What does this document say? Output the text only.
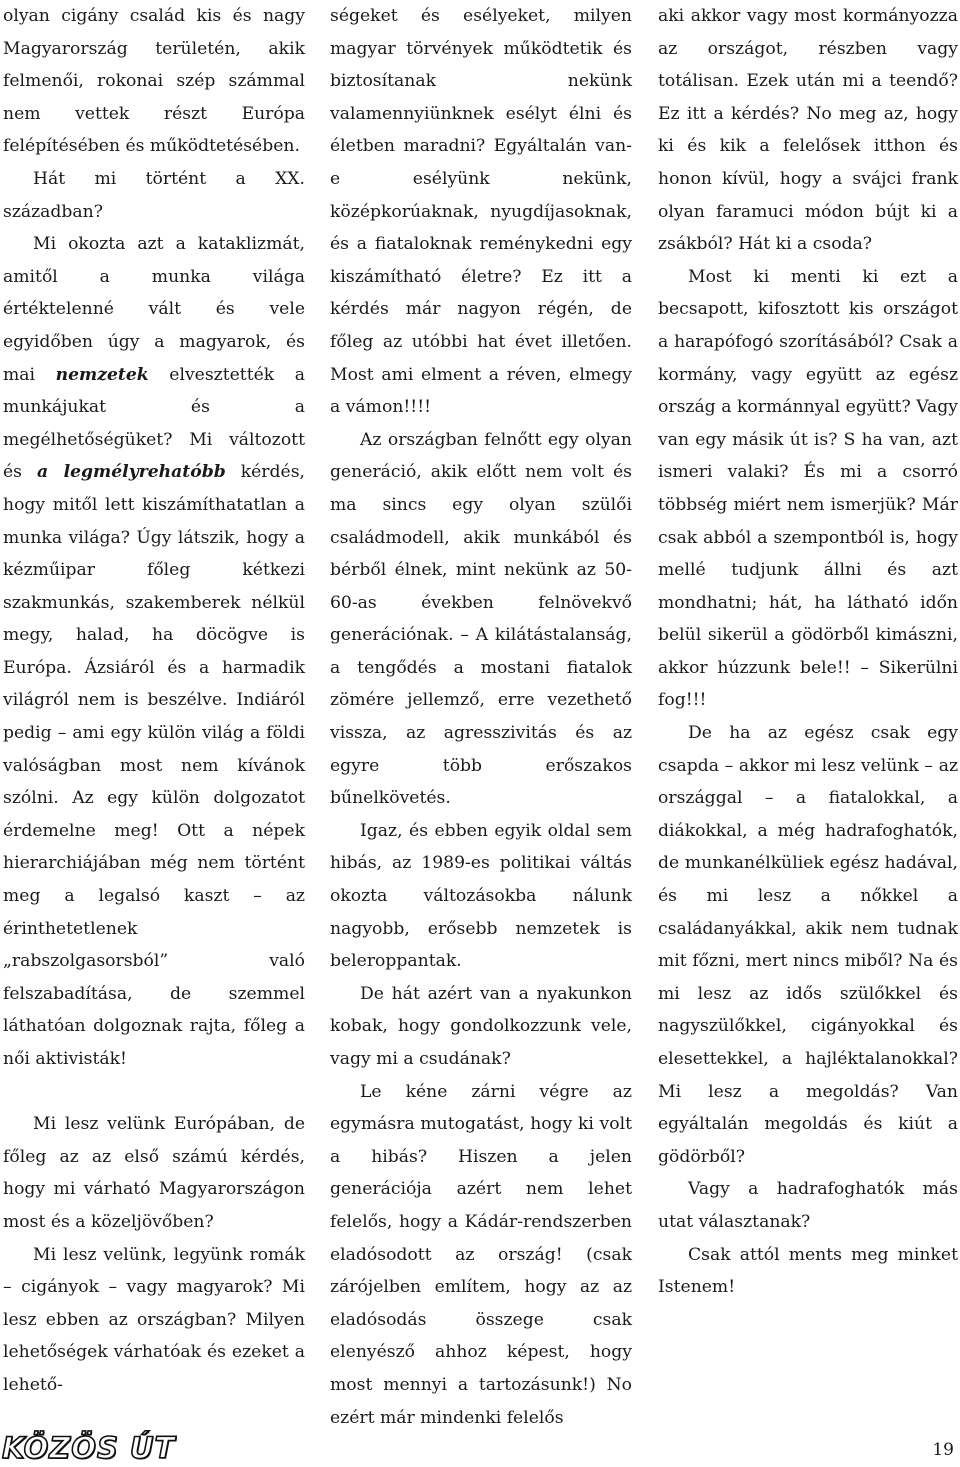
olyan cigány család kis és nagy Magyarország területén, akik felmenői, rokonai szép számmal nem vettek részt Európa felépítésében és működtetésében.

Hát mi történt a XX. században?

Mi okozta azt a kataklizmát, amitől a munka világa értéktelenné vált és vele egyidőben úgy a magyarok, és mai nemzetek elvesztették a munkájukat és a megélhetőségüket? Mi változott és a legmélyrehatóbb kérdés, hogy mitől lett kiszámíthatatlan a munka világa? Úgy látszik, hogy a kézműipar főleg kétkezi szakmunkás, szakemberek nélkül megy, halad, ha döcögve is Európa. Ázsiáról és a harmadik világról nem is beszélve. Indiáról pedig – ami egy külön világ a földi valóságban most nem kívánok szólni. Az egy külön dolgozatot érdemelne meg! Ott a népek hierarchiájában még nem történt meg a legalsó kaszt – az érinthetetlenek „rabszolgasorsból” való felszabadítása, de szemmel láthatóan dolgoznak rajta, főleg a női aktivisták!

Mi lesz velünk Európában, de főleg az az első számú kérdés, hogy mi várható Magyarországon most és a közeljövőben?

Mi lesz velünk, legyünk romák – cigányok – vagy magyarok? Mi lesz ebben az országban? Milyen lehetőségek várhatóak és ezeket a lehető-

ségeket és esélyeket, milyen magyar törvények működtetik és biztosítanak nekünk valamennyiünknek esélyt élni és életben maradni? Egyáltalán van-e esélyünk nekünk, középkorúaknak, nyugdíjasoknak, és a fiataloknak reménykedni egy kiszámítható életre? Ez itt a kérdés már nagyon régén, de főleg az utóbbi hat évet illetően. Most ami elment a réven, elmegy a vámon!!!!

Az országban felnőtt egy olyan generáció, akik előtt nem volt és ma sincs egy olyan szülői családmodell, akik munkából és bérből élnek, mint nekünk az 50-60-as években felnövekvő generációnak. – A kilátástalanság, a tengődés a mostani fiatalok zömére jellemző, erre vezethető vissza, az agresszivitás és az egyre több erőszakos bűnelkövetés.

Igaz, és ebben egyik oldal sem hibás, az 1989-es politikai váltás okozta változásokba nálunk nagyobb, erősebb nemzetek is beleroppantak.

De hát azért van a nyakunkon kobak, hogy gondolkozzunk vele, vagy mi a csudának?

Le kéne zárni végre az egymásra mutogatást, hogy ki volt a hibás? Hiszen a jelen generációja azért nem lehet felelős, hogy a Kádár-rendszerben eladósodott az ország! (csak zárójelben említem, hogy az az eladósodás összege csak elenyésző ahhoz képest, hogy most mennyi a tartozásunk!) No ezért már mindenki felelős

aki akkor vagy most kormányozza az országot, részben vagy totálisan. Ezek után mi a teendő? Ez itt a kérdés? No meg az, hogy ki és kik a felelősek itthon és honon kívül, hogy a svájci frank olyan faramuci módon bújt ki a zsákból? Hát ki a csoda?

Most ki menti ki ezt a becsapott, kifosztott kis országot a harapófogó szorításából? Csak a kormány, vagy együtt az egész ország a kormánnyal együtt? Vagy van egy másik út is? S ha van, azt ismeri valaki? És mi a csorró többség miért nem ismerjük? Már csak abból a szempontból is, hogy mellé tudjunk állni és azt mondhatni; hát, ha látható időn belül sikerül a gödörből kimászni, akkor húzzunk bele!! – Sikerülni fog!!!

De ha az egész csak egy csapda – akkor mi lesz velünk – az országgal – a fiatalokkal, a diákokkal, a még hadrafoghatók, de munkanélküliek egész hadával, és mi lesz a nőkkel a családanyákkal, akik nem tudnak mit főzni, mert nincs miből? Na és mi lesz az idős szülőkkel és nagyszülőkkel, cigányokkal és elesettekkel, a hajléktalanokkal? Mi lesz a megoldás? Van egyáltalán megoldás és kiút a gödörből?

Vagy a hadrafoghatók más utat választanak?

Csak attól ments meg minket Istenem!

KÖZÖS ÚT	19
